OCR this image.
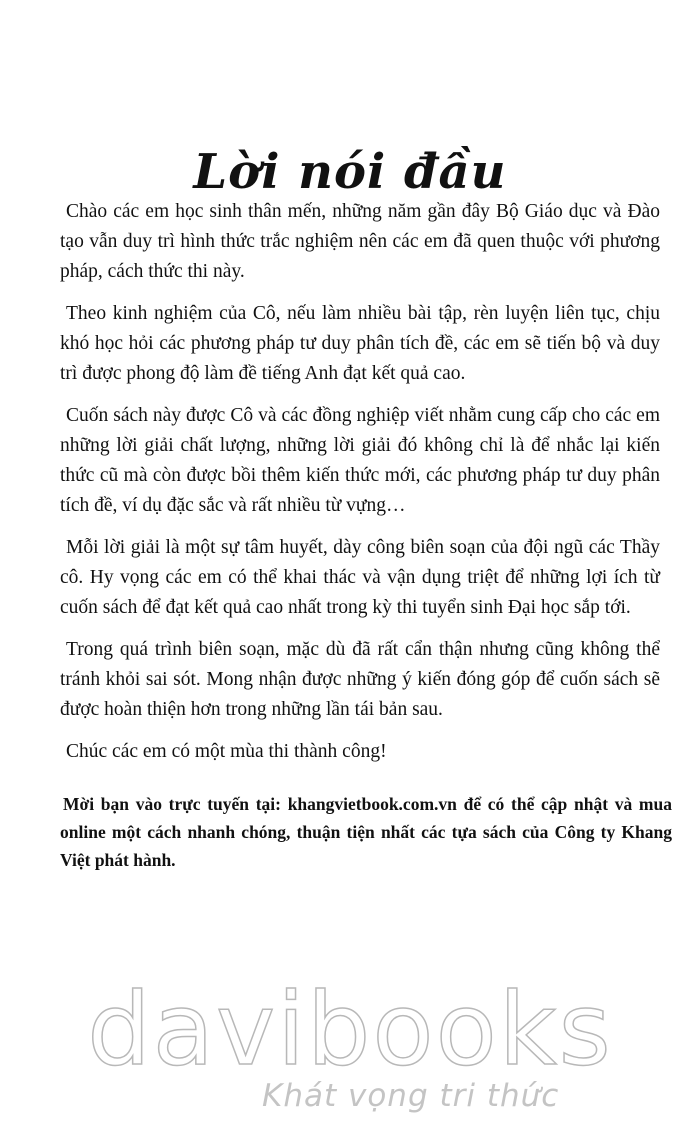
Lời nói đầu

Chào các em học sinh thân mến, những năm gần đây Bộ Giáo dục và Đào tạo vẫn duy trì hình thức trắc nghiệm nên các em đã quen thuộc với phương pháp, cách thức thi này.

Theo kinh nghiệm của Cô, nếu làm nhiều bài tập, rèn luyện liên tục, chịu khó học hỏi các phương pháp tư duy phân tích đề, các em sẽ tiến bộ và duy trì được phong độ làm đề tiếng Anh đạt kết quả cao.

Cuốn sách này được Cô và các đồng nghiệp viết nhằm cung cấp cho các em những lời giải chất lượng, những lời giải đó không chỉ là để nhắc lại kiến thức cũ mà còn được bồi thêm kiến thức mới, các phương pháp tư duy phân tích đề, ví dụ đặc sắc và rất nhiều từ vựng…

Mỗi lời giải là một sự tâm huyết, dày công biên soạn của đội ngũ các Thầy cô. Hy vọng các em có thể khai thác và vận dụng triệt để những lợi ích từ cuốn sách để đạt kết quả cao nhất trong kỳ thi tuyển sinh Đại học sắp tới.

Trong quá trình biên soạn, mặc dù đã rất cẩn thận nhưng cũng không thể tránh khỏi sai sót. Mong nhận được những ý kiến đóng góp để cuốn sách sẽ được hoàn thiện hơn trong những lần tái bản sau.

Chúc các em có một mùa thi thành công!

Mời bạn vào trực tuyến tại: khangvietbook.com.vn để có thể cập nhật và mua online một cách nhanh chóng, thuận tiện nhất các tựa sách của Công ty Khang Việt phát hành.

davibooks
Khát vọng tri thức
